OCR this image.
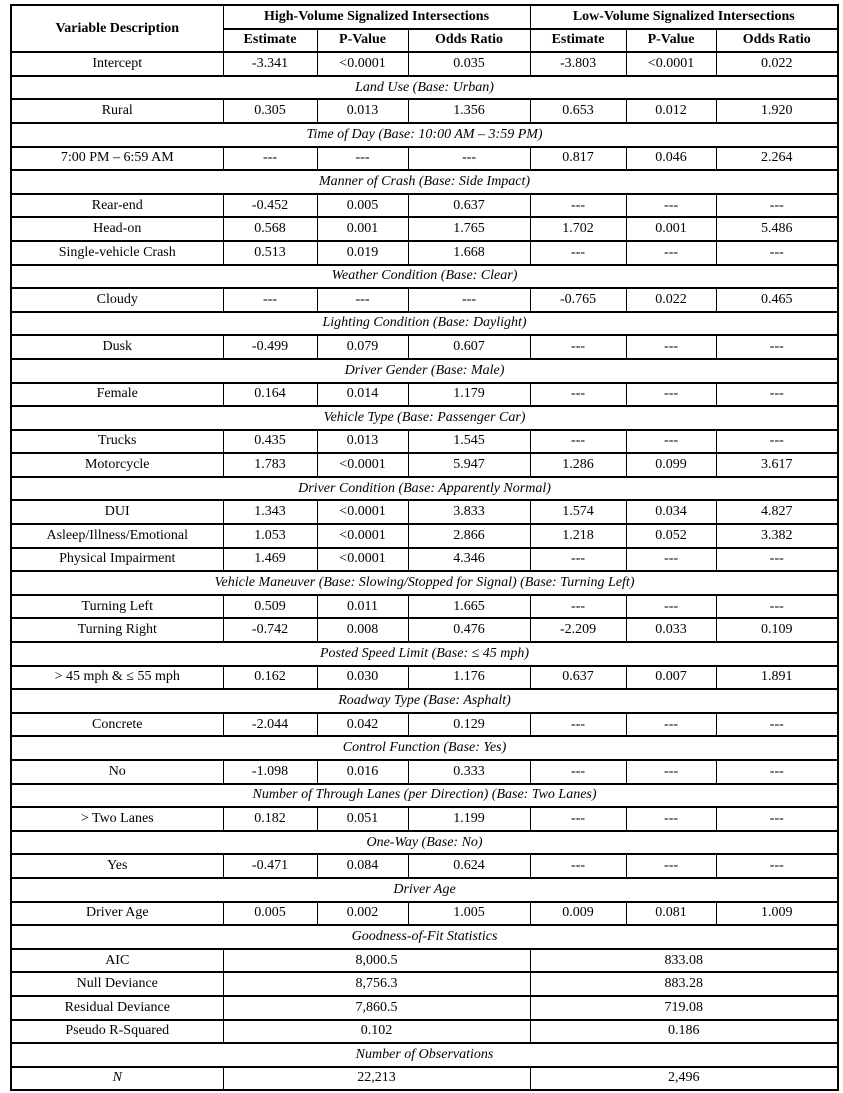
Variable Description	High-Volume Signalized Intersections			Low-Volume Signalized Intersections		
	Estimate	P-Value	Odds Ratio	Estimate	P-Value	Odds Ratio
Intercept	-3.341	<0.0001	0.035	-3.803	<0.0001	0.022
Land Use (Base: Urban)						
Rural	0.305	0.013	1.356	0.653	0.012	1.920
Time of Day (Base: 10:00 AM – 3:59 PM)						
7:00 PM – 6:59 AM	---	---	---	0.817	0.046	2.264
Manner of Crash (Base: Side Impact)						
Rear-end	-0.452	0.005	0.637	---	---	---
Head-on	0.568	0.001	1.765	1.702	0.001	5.486
Single-vehicle Crash	0.513	0.019	1.668	---	---	---
Weather Condition (Base: Clear)						
Cloudy	---	---	---	-0.765	0.022	0.465
Lighting Condition (Base: Daylight)						
Dusk	-0.499	0.079	0.607	---	---	---
Driver Gender (Base: Male)						
Female	0.164	0.014	1.179	---	---	---
Vehicle Type (Base: Passenger Car)						
Trucks	0.435	0.013	1.545	---	---	---
Motorcycle	1.783	<0.0001	5.947	1.286	0.099	3.617
Driver Condition (Base: Apparently Normal)						
DUI	1.343	<0.0001	3.833	1.574	0.034	4.827
Asleep/Illness/Emotional	1.053	<0.0001	2.866	1.218	0.052	3.382
Physical Impairment	1.469	<0.0001	4.346	---	---	---
Vehicle Maneuver (Base: Slowing/Stopped for Signal) (Base: Turning Left)						
Turning Left	0.509	0.011	1.665	---	---	---
Turning Right	-0.742	0.008	0.476	-2.209	0.033	0.109
Posted Speed Limit (Base: ≤ 45 mph)						
> 45 mph & ≤ 55 mph	0.162	0.030	1.176	0.637	0.007	1.891
Roadway Type (Base: Asphalt)						
Concrete	-2.044	0.042	0.129	---	---	---
Control Function (Base: Yes)						
No	-1.098	0.016	0.333	---	---	---
Number of Through Lanes (per Direction) (Base: Two Lanes)						
> Two Lanes	0.182	0.051	1.199	---	---	---
One-Way (Base: No)						
Yes	-0.471	0.084	0.624	---	---	---
Driver Age						
Driver Age	0.005	0.002	1.005	0.009	0.081	1.009
Goodness-of-Fit Statistics						
AIC	8,000.5			833.08		
Null Deviance	8,756.3			883.28		
Residual Deviance	7,860.5			719.08		
Pseudo R-Squared	0.102			0.186		
Number of Observations						
N	22,213			2,496		
